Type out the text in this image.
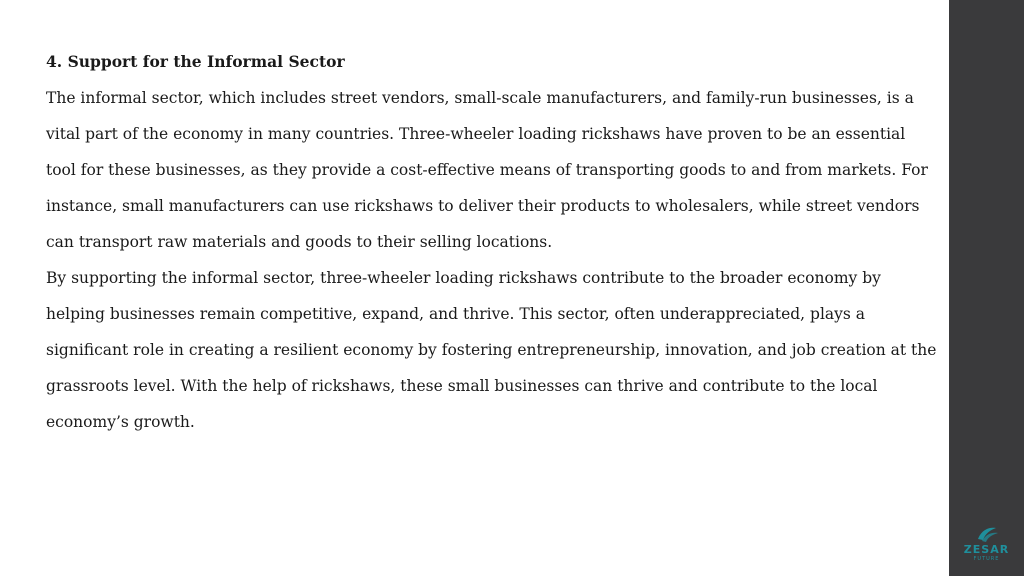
4. Support for the Informal Sector

The informal sector, which includes street vendors, small-scale manufacturers, and family-run businesses, is a vital part of the economy in many countries. Three-wheeler loading rickshaws have proven to be an essential tool for these businesses, as they provide a cost-effective means of transporting goods to and from markets. For instance, small manufacturers can use rickshaws to deliver their products to wholesalers, while street vendors can transport raw materials and goods to their selling locations.

By supporting the informal sector, three-wheeler loading rickshaws contribute to the broader economy by helping businesses remain competitive, expand, and thrive. This sector, often underappreciated, plays a significant role in creating a resilient economy by fostering entrepreneurship, innovation, and job creation at the grassroots level. With the help of rickshaws, these small businesses can thrive and contribute to the local economy’s growth.

ZESAR
FUTURE
